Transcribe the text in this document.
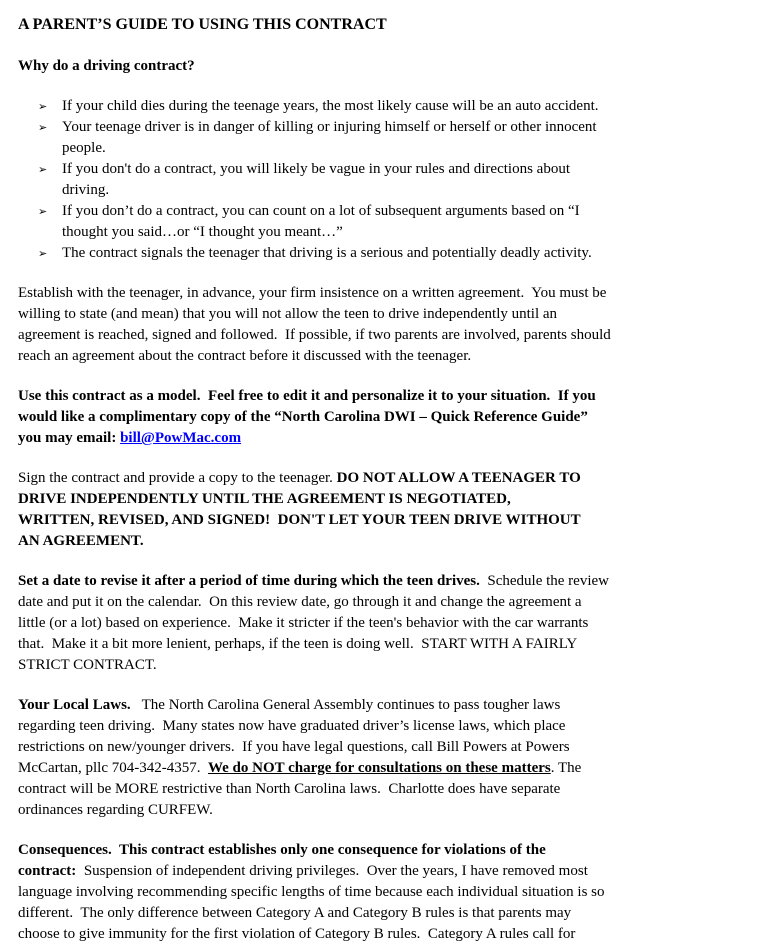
A PARENT’S GUIDE TO USING THIS CONTRACT
Why do a driving contract?
➢ If your child dies during the teenage years, the most likely cause will be an auto accident.
➢ Your teenage driver is in danger of killing or injuring himself or herself or other innocent
people.
➢ If you don't do a contract, you will likely be vague in your rules and directions about
driving.
➢ If you don’t do a contract, you can count on a lot of subsequent arguments based on “I
thought you said…or “I thought you meant…”
➢ The contract signals the teenager that driving is a serious and potentially deadly activity.
Establish with the teenager, in advance, your firm insistence on a written agreement.  You must be
willing to state (and mean) that you will not allow the teen to drive independently until an
agreement is reached, signed and followed.  If possible, if two parents are involved, parents should
reach an agreement about the contract before it discussed with the teenager.
Use this contract as a model.  Feel free to edit it and personalize it to your situation.  If you
would like a complimentary copy of the “North Carolina DWI – Quick Reference Guide”
you may email: bill@PowMac.com
Sign the contract and provide a copy to the teenager. DO NOT ALLOW A TEENAGER TO
DRIVE INDEPENDENTLY UNTIL THE AGREEMENT IS NEGOTIATED,
WRITTEN, REVISED, AND SIGNED!  DON'T LET YOUR TEEN DRIVE WITHOUT
AN AGREEMENT.
Set a date to revise it after a period of time during which the teen drives.  Schedule the review
date and put it on the calendar.  On this review date, go through it and change the agreement a
little (or a lot) based on experience.  Make it stricter if the teen's behavior with the car warrants
that.  Make it a bit more lenient, perhaps, if the teen is doing well.  START WITH A FAIRLY
STRICT CONTRACT.
Your Local Laws.   The North Carolina General Assembly continues to pass tougher laws
regarding teen driving.  Many states now have graduated driver’s license laws, which place
restrictions on new/younger drivers.  If you have legal questions, call Bill Powers at Powers
McCartan, pllc 704-342-4357.  We do NOT charge for consultations on these matters. The
contract will be MORE restrictive than North Carolina laws.  Charlotte does have separate
ordinances regarding CURFEW.
Consequences.  This contract establishes only one consequence for violations of the
contract:  Suspension of independent driving privileges.  Over the years, I have removed most
language involving recommending specific lengths of time because each individual situation is so
different.  The only difference between Category A and Category B rules is that parents may
choose to give immunity for the first violation of Category B rules.  Category A rules call for
